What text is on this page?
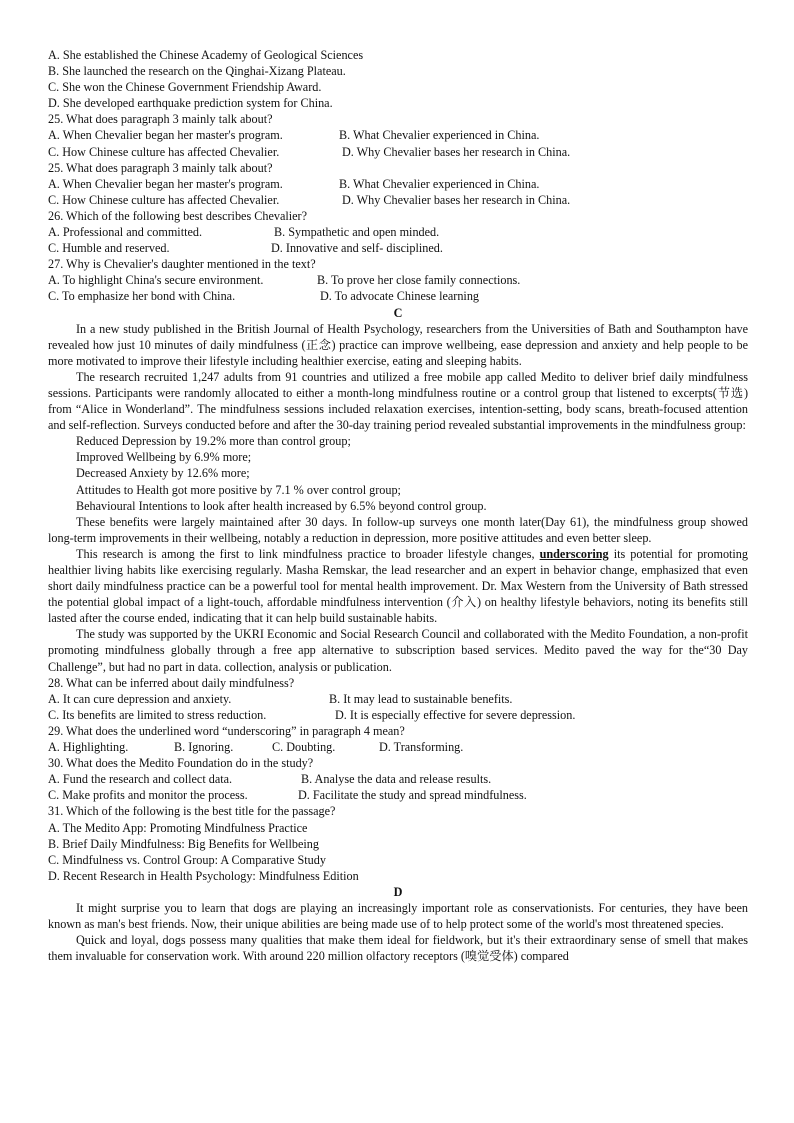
A. She established the Chinese Academy of Geological Sciences
B. She launched the research on the Qinghai-Xizang Plateau.
C. She won the Chinese Government Friendship Award.
D. She developed earthquake prediction system for China.
25. What does paragraph 3 mainly talk about?
A. When Chevalier began her master's program.	B. What Chevalier experienced in China.
C. How Chinese culture has affected Chevalier.	D. Why Chevalier bases her research in China.
25. What does paragraph 3 mainly talk about?
A. When Chevalier began her master's program.	B. What Chevalier experienced in China.
C. How Chinese culture has affected Chevalier.	D. Why Chevalier bases her research in China.
26. Which of the following best describes Chevalier?
A. Professional and committed.	B. Sympathetic and open minded.
C. Humble and reserved.	D. Innovative and self- disciplined.
27. Why is Chevalier's daughter mentioned in the text?
A. To highlight China's secure environment.	B. To prove her close family connections.
C. To emphasize her bond with China.	D. To advocate Chinese learning
C

In a new study published in the British Journal of Health Psychology, researchers from the Universities of Bath and Southampton have revealed how just 10 minutes of daily mindfulness (正念) practice can improve wellbeing, ease depression and anxiety and help people to be more motivated to improve their lifestyle including healthier exercise, eating and sleeping habits.

The research recruited 1,247 adults from 91 countries and utilized a free mobile app called Medito to deliver brief daily mindfulness sessions. Participants were randomly allocated to either a month-long mindfulness routine or a control group that listened to excerpts(节选) from “Alice in Wonderland”. The mindfulness sessions included relaxation exercises, intention-setting, body scans, breath-focused attention and self-reflection. Surveys conducted before and after the 30-day training period revealed substantial improvements in the mindfulness group:

Reduced Depression by 19.2% more than control group;
Improved Wellbeing by 6.9% more;
Decreased Anxiety by 12.6% more;
Attitudes to Health got more positive by 7.1 % over control group;
Behavioural Intentions to look after health increased by 6.5% beyond control group.

These benefits were largely maintained after 30 days. In follow-up surveys one month later(Day 61), the mindfulness group showed long-term improvements in their wellbeing, notably a reduction in depression, more positive attitudes and even better sleep.

This research is among the first to link mindfulness practice to broader lifestyle changes, underscoring its potential for promoting healthier living habits like exercising regularly. Masha Remskar, the lead researcher and an expert in behavior change, emphasized that even short daily mindfulness practice can be a powerful tool for mental health improvement. Dr. Max Western from the University of Bath stressed the potential global impact of a light-touch, affordable mindfulness intervention (介入) on healthy lifestyle behaviors, noting its benefits still lasted after the course ended, indicating that it can help build sustainable habits.

The study was supported by the UKRI Economic and Social Research Council and collaborated with the Medito Foundation, a non-profit promoting mindfulness globally through a free app alternative to subscription based services. Medito paved the way for the“30 Day Challenge”, but had no part in data. collection, analysis or publication.

28. What can be inferred about daily mindfulness?
A. It can cure depression and anxiety.	B. It may lead to sustainable benefits.
C. Its benefits are limited to stress reduction.	D. It is especially effective for severe depression.
29. What does the underlined word “underscoring” in paragraph 4 mean?
A. Highlighting.	B. Ignoring.	C. Doubting.	D. Transforming.
30. What does the Medito Foundation do in the study?
A. Fund the research and collect data.	B. Analyse the data and release results.
C. Make profits and monitor the process.	D. Facilitate the study and spread mindfulness.
31. Which of the following is the best title for the passage?
A. The Medito App: Promoting Mindfulness Practice
B. Brief Daily Mindfulness: Big Benefits for Wellbeing
C. Mindfulness vs. Control Group: A Comparative Study
D. Recent Research in Health Psychology: Mindfulness Edition
D

It might surprise you to learn that dogs are playing an increasingly important role as conservationists. For centuries, they have been known as man's best friends. Now, their unique abilities are being made use of to help protect some of the world's most threatened species.

Quick and loyal, dogs possess many qualities that make them ideal for fieldwork, but it's their extraordinary sense of smell that makes them invaluable for conservation work. With around 220 million olfactory receptors (嗅觉受体) compared
